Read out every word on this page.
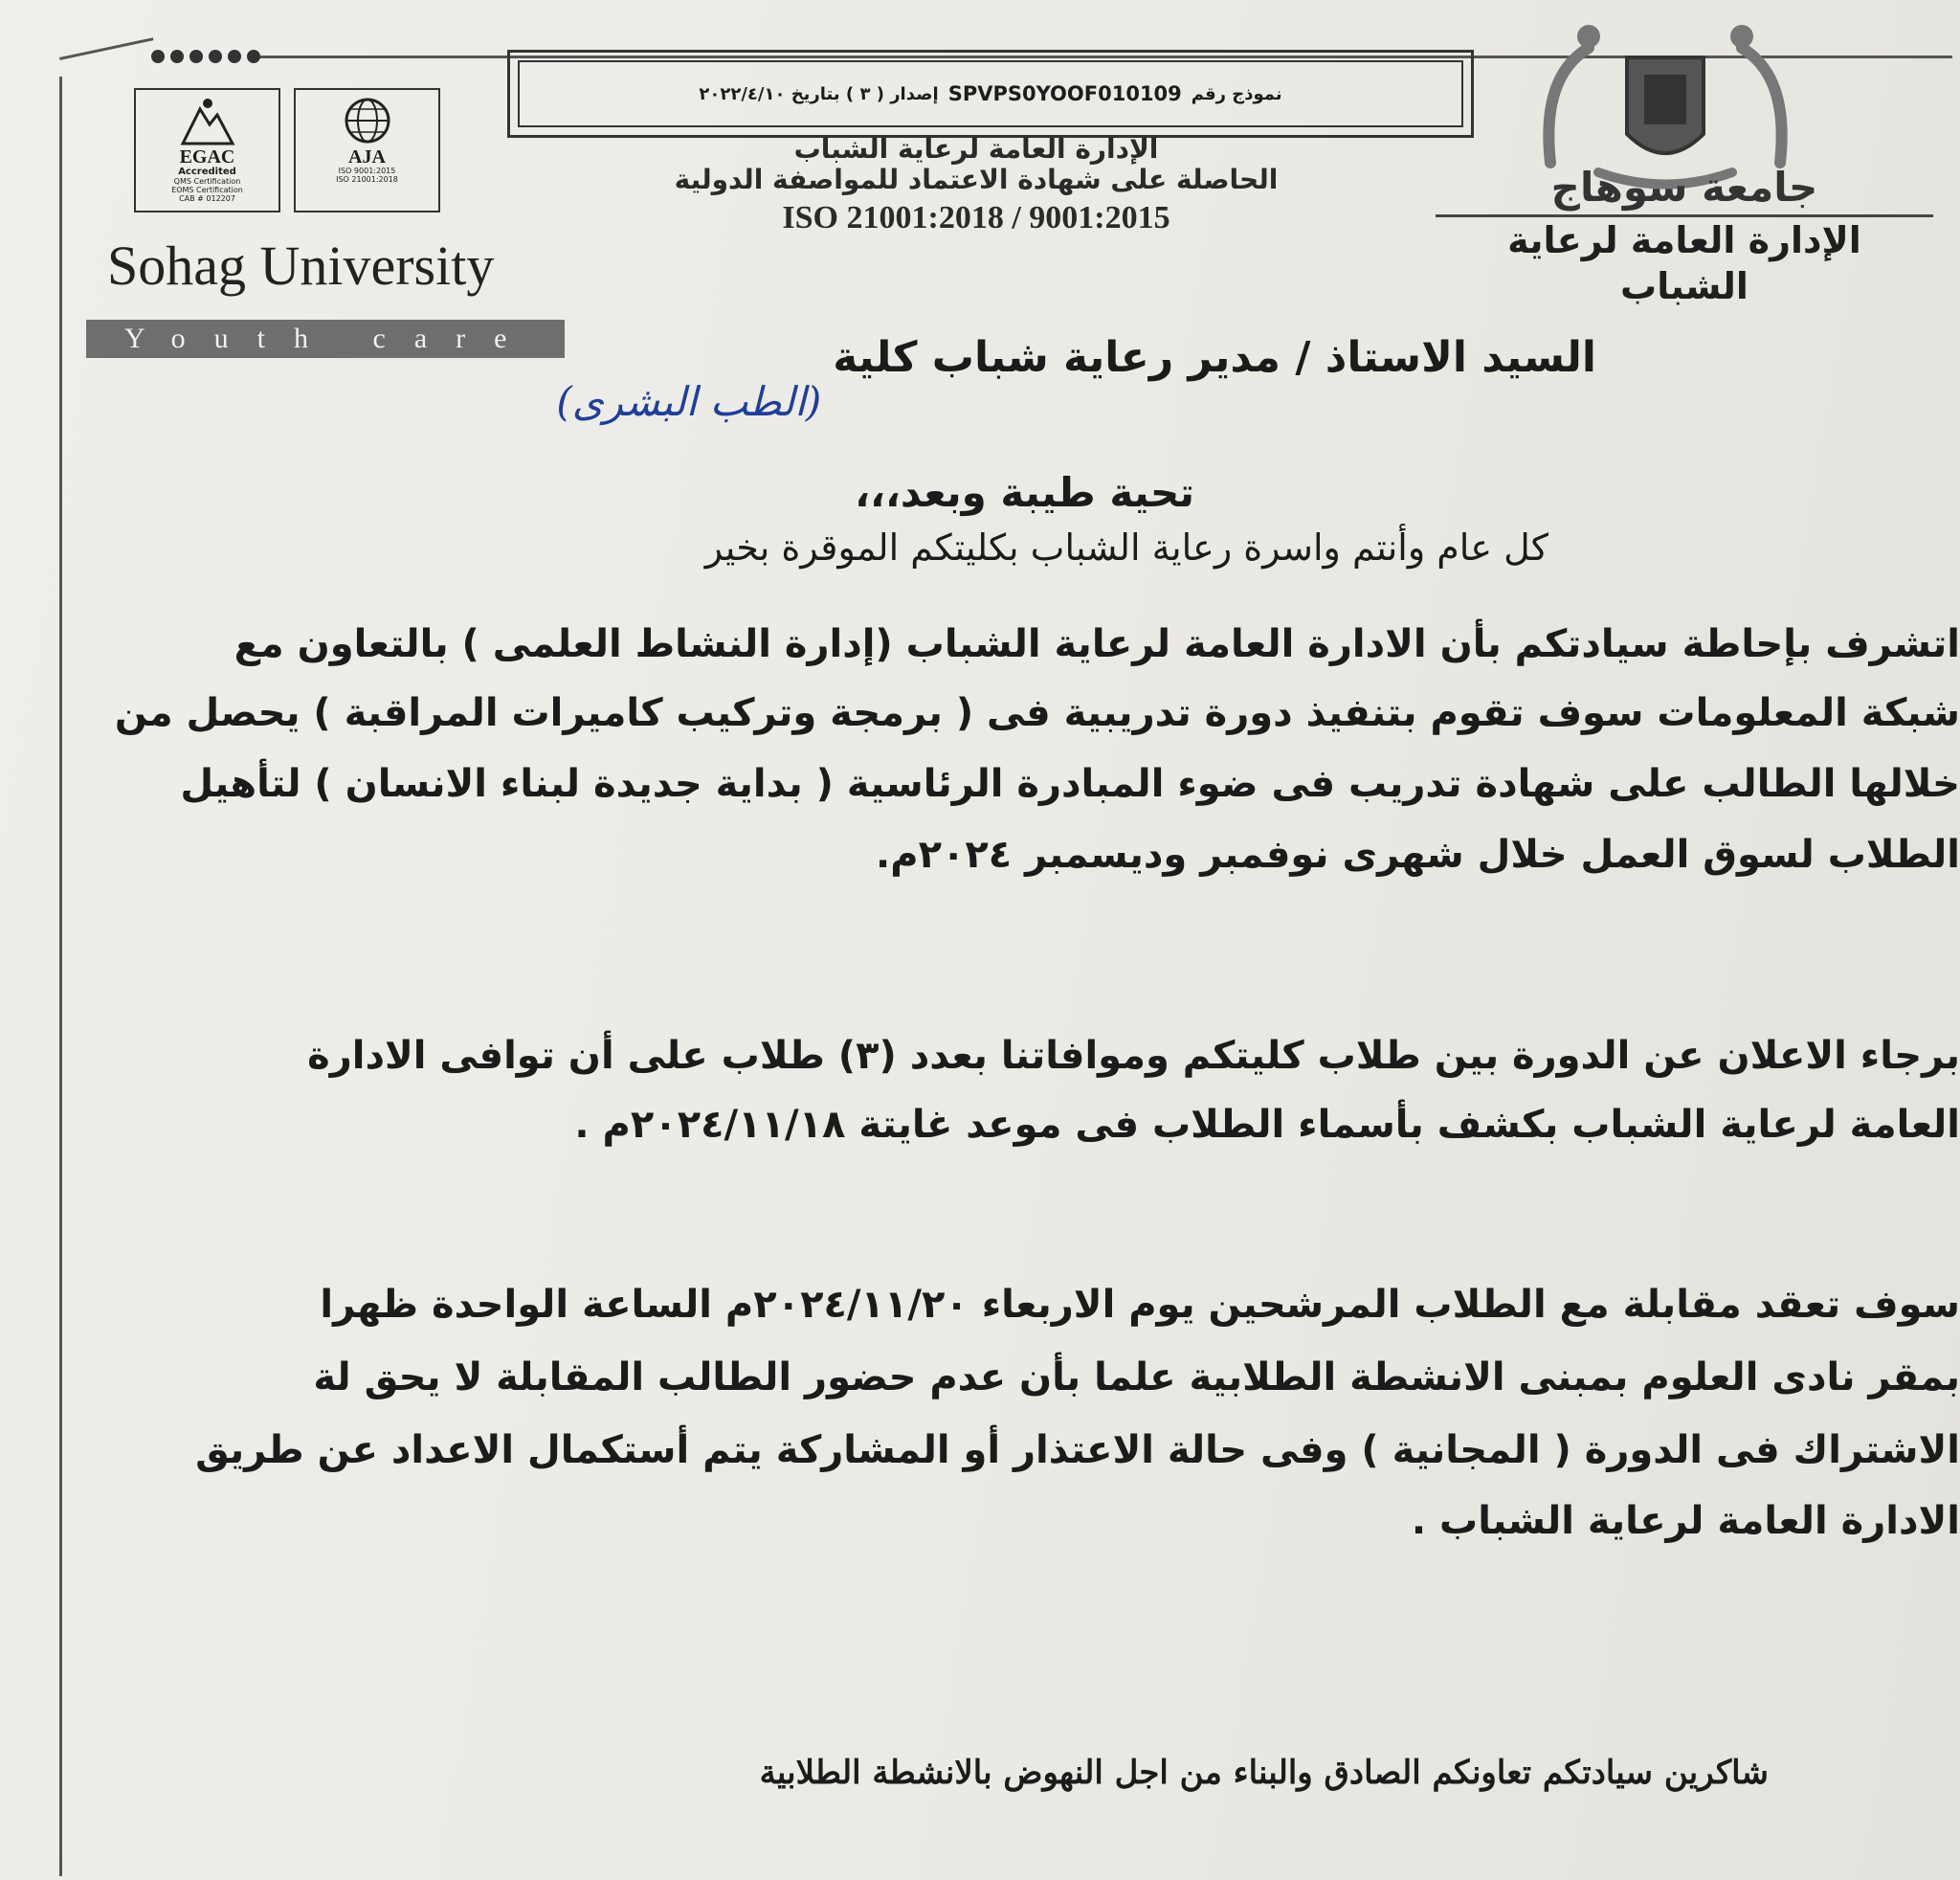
EGAC
Accredited
QMS Certification
EOMS Certification
CAB # 012207
AJA
ISO 9001:2015
ISO 21001:2018
Sohag University
Youth care
نموذج رقم
SPVPS0YOOF010109
إصدار ( ٣ ) بتاريخ ٢٠٢٢/٤/١٠
الإدارة العامة لرعاية الشباب
الحاصلة على شهادة الاعتماد للمواصفة الدولية
ISO 21001:2018 / 9001:2015
جامعة سوهاج
الإدارة العامة لرعاية الشباب
السيد الاستاذ / مدير رعاية شباب كلية
(الطب البشرى)
تحية طيبة وبعد،،،
كل عام وأنتم واسرة رعاية الشباب بكليتكم الموقرة بخير
اتشرف بإحاطة سيادتكم بأن الادارة العامة لرعاية الشباب (إدارة النشاط العلمى ) بالتعاون مع
شبكة المعلومات سوف تقوم بتنفيذ دورة تدريبية فى ( برمجة وتركيب كاميرات المراقبة ) يحصل من
خلالها الطالب على شهادة تدريب فى ضوء المبادرة الرئاسية ( بداية جديدة لبناء الانسان ) لتأهيل
الطلاب لسوق العمل خلال شهرى نوفمبر وديسمبر ٢٠٢٤م.
برجاء الاعلان عن الدورة بين طلاب كليتكم وموافاتنا بعدد (٣) طلاب على أن توافى الادارة
العامة لرعاية الشباب بكشف بأسماء الطلاب فى موعد غايتة ٢٠٢٤/١١/١٨م .
سوف تعقد مقابلة مع الطلاب المرشحين يوم الاربعاء ٢٠٢٤/١١/٢٠م الساعة الواحدة ظهرا
بمقر نادى العلوم بمبنى الانشطة الطلابية علما بأن عدم حضور الطالب المقابلة لا يحق لة
الاشتراك فى الدورة ( المجانية ) وفى حالة الاعتذار أو المشاركة يتم أستكمال الاعداد عن طريق
الادارة العامة لرعاية الشباب .
شاكرين سيادتكم تعاونكم الصادق والبناء من اجل النهوض بالانشطة الطلابية
